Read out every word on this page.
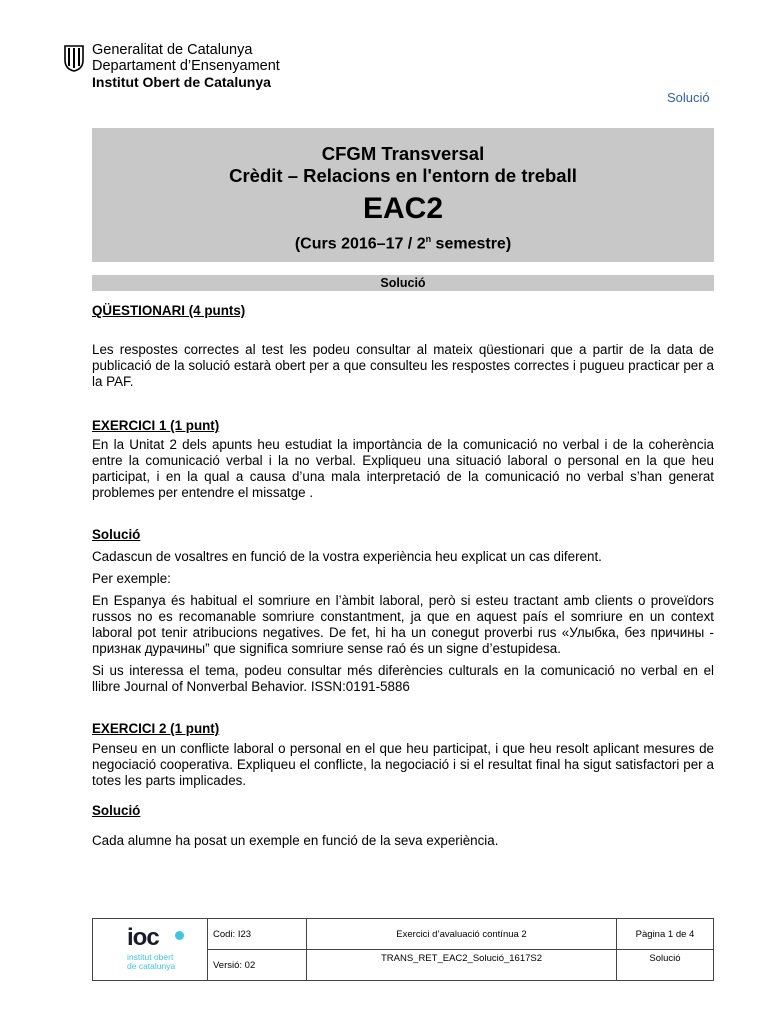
Generalitat de Catalunya
Departament d’Ensenyament
Institut Obert de Catalunya
Solució
CFGM Transversal
Crèdit – Relacions en l'entorn de treball
EAC2
(Curs 2016–17 / 2$^n$ semestre)
Solució

QÜESTIONARI (4 punts)

Les respostes correctes al test les podeu consultar al mateix qüestionari que a partir de la data de publicació de la solució estarà obert per a que consulteu les respostes correctes i pugueu practicar per a la PAF.

EXERCICI 1 (1 punt)

En la Unitat 2 dels apunts heu estudiat la importància de la comunicació no verbal i de la coherència entre la comunicació verbal i la no verbal. Expliqueu una situació laboral o personal en la que heu participat, i en la qual a causa d’una mala interpretació de la comunicació no verbal s’han generat problemes per entendre el missatge .

Solució

Cadascun de vosaltres en funció de la vostra experiència heu explicat un cas diferent.

Per exemple:

En Espanya és habitual el somriure en l’àmbit laboral, però si esteu tractant amb clients o proveïdors russos no es recomanable somriure constantment, ja que en aquest país el somriure en un context laboral pot tenir atribucions negatives. De fet, hi ha un conegut proverbi rus «Улыбка, без причины - признак дурачины” que significa somriure sense raó és un signe d’estupidesa.

Si us interessa el tema, podeu consultar més diferències culturals en la comunicació no verbal en el llibre Journal of Nonverbal Behavior. ISSN:0191-5886

EXERCICI 2 (1 punt)

Penseu en un conflicte laboral o personal en el que heu participat, i que heu resolt aplicant mesures de negociació cooperativa. Expliqueu el conflicte, la negociació i si el resultat final ha sigut satisfactori per a totes les parts implicades.

Solució

Cada alumne ha posat un exemple en funció de la seva experiència.

ioc
institut obert
de catalunya	Codi: I23	Exercici d’avaluació contínua 2	Pàgina 1 de 4
	Versió: 02	TRANS_RET_EAC2_Solució_1617S2	Solució
